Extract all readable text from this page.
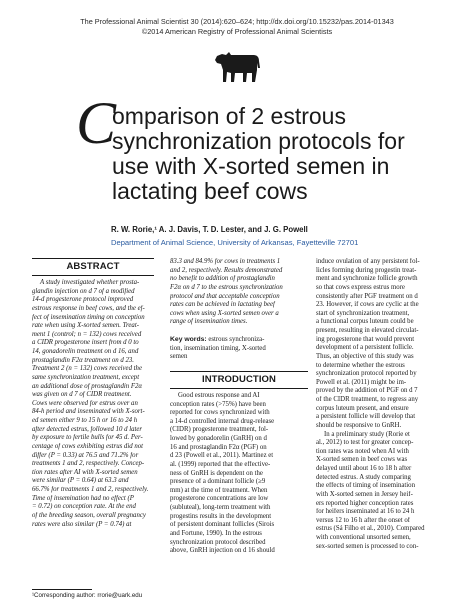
The Professional Animal Scientist 30 (2014):620–624; http://dx.doi.org/10.15232/pas.2014-01343
©2014 American Registry of Professional Animal Scientists
C
omparison of 2 estrous synchronization protocols for use with X-sorted semen in lactating beef cows
R. W. Rorie,¹ A. J. Davis, T. D. Lester, and J. G. Powell
Department of Animal Science, University of Arkansas, Fayetteville 72701
ABSTRACT
A study investigated whether prosta-
glandin injection on d 7 of a modified
14-d progesterone protocol improved
estrous response in beef cows, and the ef-
fect of insemination timing on conception
rate when using X-sorted semen. Treat-
ment 1 (control; n = 132) cows received
a CIDR progesterone insert from d 0 to
14, gonadorelin treatment on d 16, and
prostaglandin F2α treatment on d 23.
Treatment 2 (n = 132) cows received the
same synchronization treatment, except
an additional dose of prostaglandin F2α
was given on d 7 of CIDR treatment.
Cows were observed for estrus over an
84-h period and inseminated with X-sort-
ed semen either 9 to 15 h or 16 to 24 h
after detected estrus, followed 10 d later
by exposure to fertile bulls for 45 d. Per-
centage of cows exhibiting estrus did not
differ (P = 0.33) at 76.5 and 71.2% for
treatments 1 and 2, respectively. Concep-
tion rates after AI with X-sorted semen
were similar (P = 0.64) at 63.3 and
66.7% for treatments 1 and 2, respectively.
Time of insemination had no effect (P
= 0.72) on conception rate. At the end
of the breeding season, overall pregnancy
rates were also similar (P = 0.74) at
83.3 and 84.9% for cows in treatments 1
and 2, respectively. Results demonstrated
no benefit to addition of prostaglandin
F2α on d 7 to the estrous synchronization
protocol and that acceptable conception
rates can be achieved in lactating beef
cows when using X-sorted semen over a
range of insemination times.
Key words: estrous synchroniza-
tion, insemination timing, X-sorted
semen
INTRODUCTION
Good estrous response and AI
conception rates (>75%) have been
reported for cows synchronized with
a 14-d controlled internal drug-release
(CIDR) progesterone treatment, fol-
lowed by gonadorelin (GnRH) on d
16 and prostaglandin F2α (PGF) on
d 23 (Powell et al., 2011). Martinez et
al. (1999) reported that the effective-
ness of GnRH is dependent on the
presence of a dominant follicle (≥9
mm) at the time of treatment. When
progesterone concentrations are low
(subluteal), long-term treatment with
progestins results in the development
of persistent dominant follicles (Sirois
and Fortune, 1990). In the estrous
synchronization protocol described
above, GnRH injection on d 16 should
induce ovulation of any persistent fol-
licles forming during progestin treat-
ment and synchronize follicle growth
so that cows express estrus more
consistently after PGF treatment on d
23. However, if cows are cyclic at the
start of synchronization treatment,
a functional corpus luteum could be
present, resulting in elevated circulat-
ing progesterone that would prevent
development of a persistent follicle.
Thus, an objective of this study was
to determine whether the estrous
synchronization protocol reported by
Powell et al. (2011) might be im-
proved by the addition of PGF on d 7
of the CIDR treatment, to regress any
corpus luteum present, and ensure
a persistent follicle will develop that
should be responsive to GnRH.
In a preliminary study (Rorie et
al., 2012) to test for greater concep-
tion rates was noted when AI with
X-sorted semen in beef cows was
delayed until about 16 to 18 h after
detected estrus. A study comparing
the effects of timing of insemination
with X-sorted semen in Jersey heif-
ers reported higher conception rates
for heifers inseminated at 16 to 24 h
versus 12 to 16 h after the onset of
estrus (Sá Filho et al., 2010). Compared
with conventional unsorted semen,
sex-sorted semen is processed to con-
¹Corresponding author: rrorie@uark.edu
